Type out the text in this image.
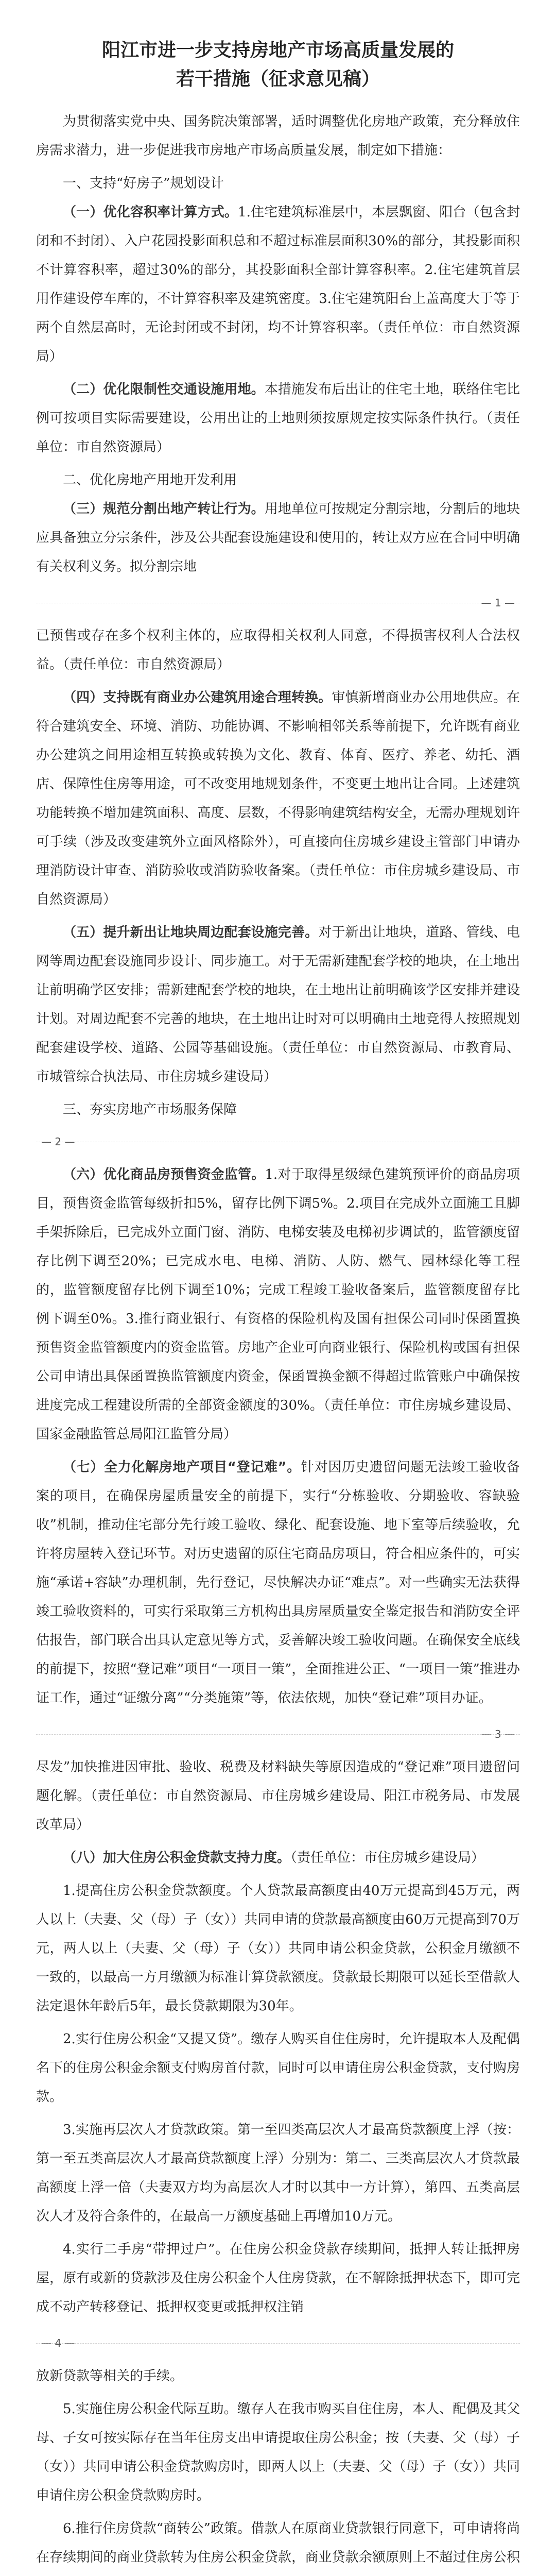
阳江市进一步支持房地产市场高质量发展的
若干措施（征求意见稿）

为贯彻落实党中央、国务院决策部署，适时调整优化房地产政策，充分释放住房需求潜力，进一步促进我市房地产市场高质量发展，制定如下措施：

一、支持“好房子”规划设计

（一）优化容积率计算方式。1.住宅建筑标准层中，本层飘窗、阳台（包含封闭和不封闭）、入户花园投影面积总和不超过标准层面积30%的部分，其投影面积不计算容积率，超过30%的部分，其投影面积全部计算容积率。2.住宅建筑首层用作建设停车库的，不计算容积率及建筑密度。3.住宅建筑阳台上盖高度大于等于两个自然层高时，无论封闭或不封闭，均不计算容积率。（责任单位：市自然资源局）

（二）优化限制性交通设施用地。本措施发布后出让的住宅土地，联络住宅比例可按项目实际需要建设，公用出让的土地则须按原规定按实际条件执行。（责任单位：市自然资源局）

二、优化房地产用地开发利用

（三）规范分割出地产转让行为。用地单位可按规定分割宗地，分割后的地块应具备独立分宗条件，涉及公共配套设施建设和使用的，转让双方应在合同中明确有关权利义务。拟分割宗地

— 1 —

已预售或存在多个权利主体的，应取得相关权利人同意，不得损害权利人合法权益。（责任单位：市自然资源局）

（四）支持既有商业办公建筑用途合理转换。审慎新增商业办公用地供应。在符合建筑安全、环境、消防、功能协调、不影响相邻关系等前提下，允许既有商业办公建筑之间用途相互转换或转换为文化、教育、体育、医疗、养老、幼托、酒店、保障性住房等用途，可不改变用地规划条件，不变更土地出让合同。上述建筑功能转换不增加建筑面积、高度、层数，不得影响建筑结构安全，无需办理规划许可手续（涉及改变建筑外立面风格除外），可直接向住房城乡建设主管部门申请办理消防设计审查、消防验收或消防验收备案。（责任单位：市住房城乡建设局、市自然资源局）

（五）提升新出让地块周边配套设施完善。对于新出让地块，道路、管线、电网等周边配套设施同步设计、同步施工。对于无需新建配套学校的地块，在土地出让前明确学区安排；需新建配套学校的地块，在土地出让前明确该学区安排并建设计划。对周边配套不完善的地块，在土地出让时对可以明确由土地竞得人按照规划配套建设学校、道路、公园等基础设施。（责任单位：市自然资源局、市教育局、市城管综合执法局、市住房城乡建设局）

三、夯实房地产市场服务保障

— 2 —

（六）优化商品房预售资金监管。1.对于取得星级绿色建筑预评价的商品房项目，预售资金监管每级折扣5%，留存比例下调5%。2.项目在完成外立面施工且脚手架拆除后，已完成外立面门窗、消防、电梯安装及电梯初步调试的，监管额度留存比例下调至20%；已完成水电、电梯、消防、人防、燃气、园林绿化等工程的，监管额度留存比例下调至10%；完成工程竣工验收备案后，监管额度留存比例下调至0%。3.推行商业银行、有资格的保险机构及国有担保公司同时保函置换预售资金监管额度内的资金监管。房地产企业可向商业银行、保险机构或国有担保公司申请出具保函置换监管额度内资金，保函置换金额不得超过监管账户中确保按进度完成工程建设所需的全部资金额度的30%。（责任单位：市住房城乡建设局、国家金融监管总局阳江监管分局）

（七）全力化解房地产项目“登记难”。针对因历史遗留问题无法竣工验收备案的项目，在确保房屋质量安全的前提下，实行“分栋验收、分期验收、容缺验收”机制，推动住宅部分先行竣工验收、绿化、配套设施、地下室等后续验收，允许将房屋转入登记环节。对历史遗留的原住宅商品房项目，符合相应条件的，可实施“承诺+容缺”办理机制，先行登记，尽快解决办证“难点”。对一些确实无法获得竣工验收资料的，可实行采取第三方机构出具房屋质量安全鉴定报告和消防安全评估报告，部门联合出具认定意见等方式，妥善解决竣工验收问题。在确保安全底线的前提下，按照“登记难”项目“一项目一策”，全面推进公正、“一项目一策”推进办证工作，通过“证缴分离”“分类施策”等，依法依规，加快“登记难”项目办证。

— 3 —

尽发”加快推进因审批、验收、税费及材料缺失等原因造成的“登记难”项目遗留问题化解。（责任单位：市自然资源局、市住房城乡建设局、阳江市税务局、市发展改革局）

（八）加大住房公积金贷款支持力度。（责任单位：市住房城乡建设局）

1.提高住房公积金贷款额度。个人贷款最高额度由40万元提高到45万元，两人以上（夫妻、父（母）子（女））共同申请的贷款最高额度由60万元提高到70万元，两人以上（夫妻、父（母）子（女））共同申请公积金贷款，公积金月缴额不一致的，以最高一方月缴额为标准计算贷款额度。贷款最长期限可以延长至借款人法定退休年龄后5年，最长贷款期限为30年。

2.实行住房公积金“又提又贷”。缴存人购买自住住房时，允许提取本人及配偶名下的住房公积金余额支付购房首付款，同时可以申请住房公积金贷款，支付购房款。

3.实施再层次人才贷款政策。第一至四类高层次人才最高贷款额度上浮（按：第一至五类高层次人才最高贷款额度上浮）分别为：第二、三类高层次人才贷款最高额度上浮一倍（夫妻双方均为高层次人才时以其中一方计算），第四、五类高层次人才及符合条件的，在最高一万额度基础上再增加10万元。

4.实行二手房“带押过户”。在住房公积金贷款存续期间，抵押人转让抵押房屋，原有或新的贷款涉及住房公积金个人住房贷款，在不解除抵押状态下，即可完成不动产转移登记、抵押权变更或抵押权注销

— 4 —

放新贷款等相关的手续。

5.实施住房公积金代际互助。缴存人在我市购买自住住房，本人、配偶及其父母、子女可按实际存在当年住房支出申请提取住房公积金；按（夫妻、父（母）子（女））共同申请公积金贷款购房时，即两人以上（夫妻、父（母）子（女））共同申请住房公积金贷款购房时。

6.推行住房贷款“商转公”政策。借款人在原商业贷款银行同意下，可申请将尚在存续期间的商业贷款转为住房公积金贷款，商业贷款余额原则上不超过住房公积
